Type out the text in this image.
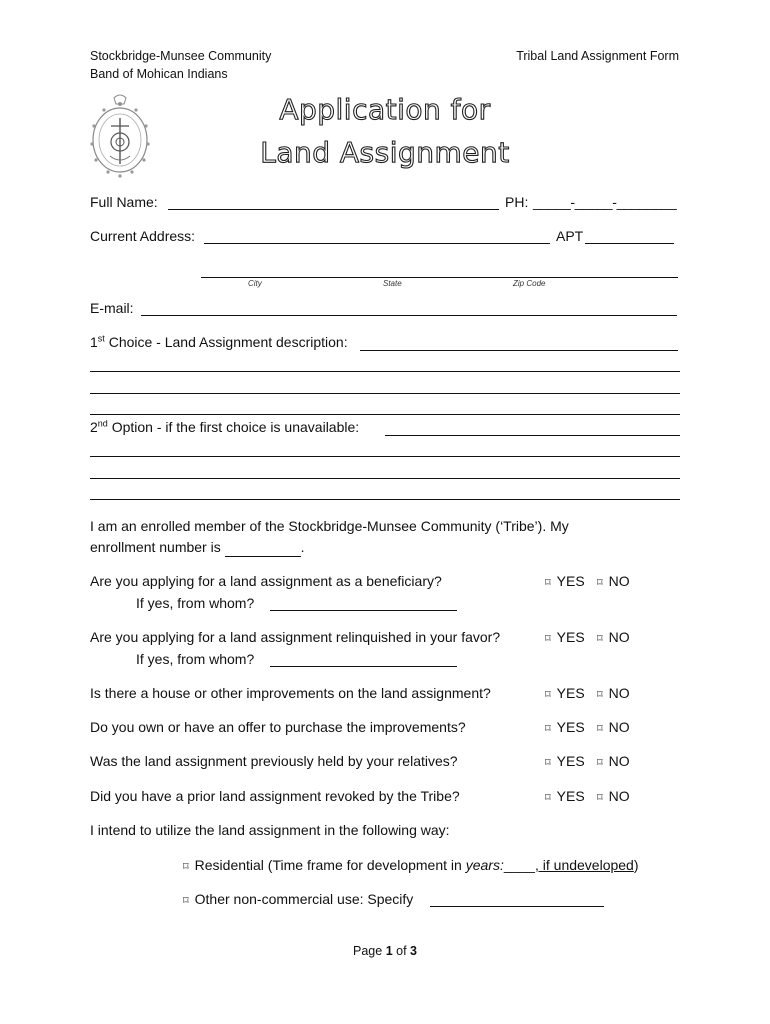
Stockbridge-Munsee Community
Band of Mohican Indians
Tribal Land Assignment Form
Application for
Land Assignment
Full Name:	PH: _____-_____-________
Current Address:	APT
City	State	Zip Code
E-mail:
1st Choice - Land Assignment description:
2nd Option - if the first choice is unavailable:
I am an enrolled member of the Stockbridge-Munsee Community (‘Tribe’). My
enrollment number is	.
Are you applying for a land assignment as a beneficiary?	⌑ YES ⌑ NO
If yes, from whom?
Are you applying for a land assignment relinquished in your favor?	⌑ YES ⌑ NO
If yes, from whom?
Is there a house or other improvements on the land assignment?	⌑ YES ⌑ NO
Do you own or have an offer to purchase the improvements?	⌑ YES ⌑ NO
Was the land assignment previously held by your relatives?	⌑ YES ⌑ NO
Did you have a prior land assignment revoked by the Tribe?	⌑ YES ⌑ NO
I intend to utilize the land assignment in the following way:
⌑ Residential (Time frame for development in years:____, if undeveloped)
⌑ Other non-commercial use: Specify
Page 1 of 3
